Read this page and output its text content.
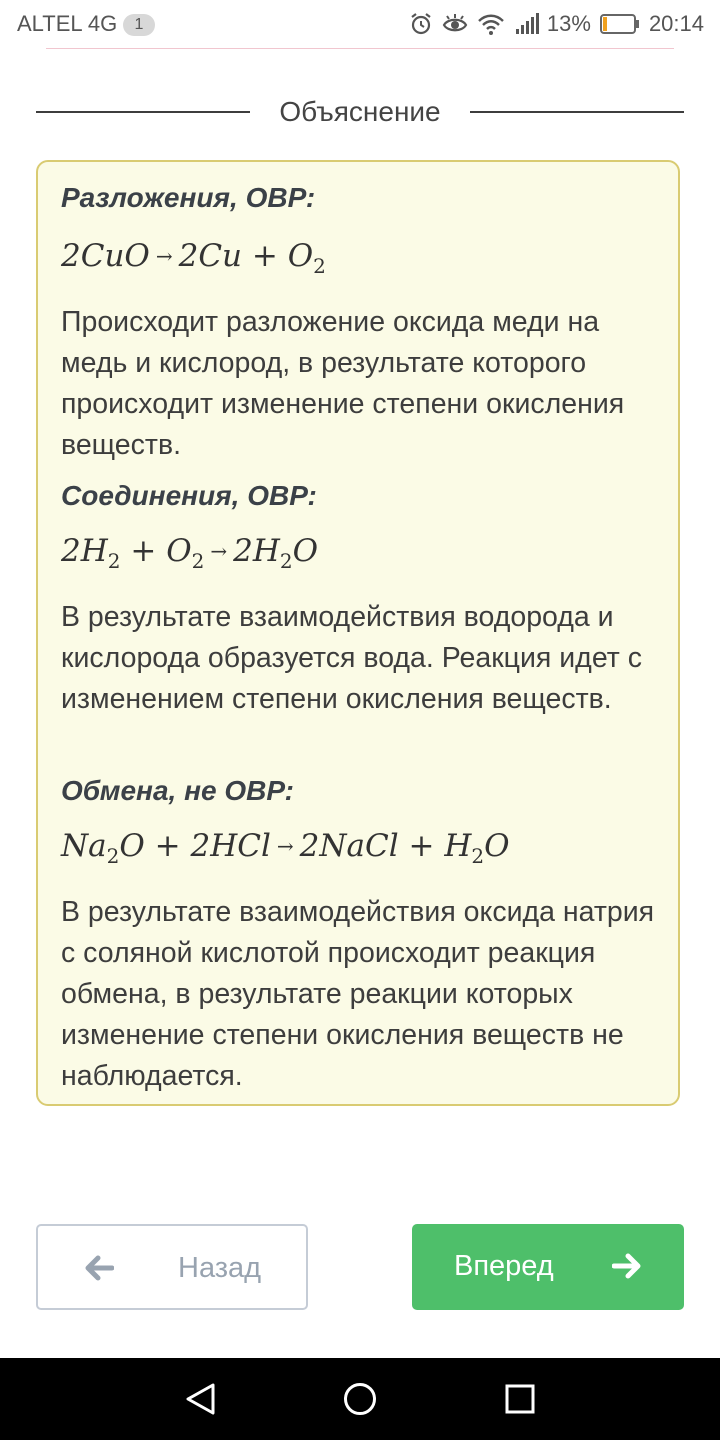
ALTEL 4G	1	13%	20:14
Объяснение
Разложения, ОВР:
$2CuO \to 2Cu + O_2$
Происходит разложение оксида меди на медь и кислород, в результате которого происходит изменение степени окисления веществ.
Соединения, ОВР:
$2H_2 + O_2 \to 2H_2O$
В результате взаимодействия водорода и кислорода образуется вода. Реакция идет с изменением степени окисления веществ.
Обмена, не ОВР:
$Na_2O + 2HCl$ → 2NaCl + $H_2O$
В результате взаимодействия оксида натрия с соляной кислотой происходит реакция обмена, в результате реакции которых изменение степени окисления веществ не наблюдается.
Назад	Вперед
